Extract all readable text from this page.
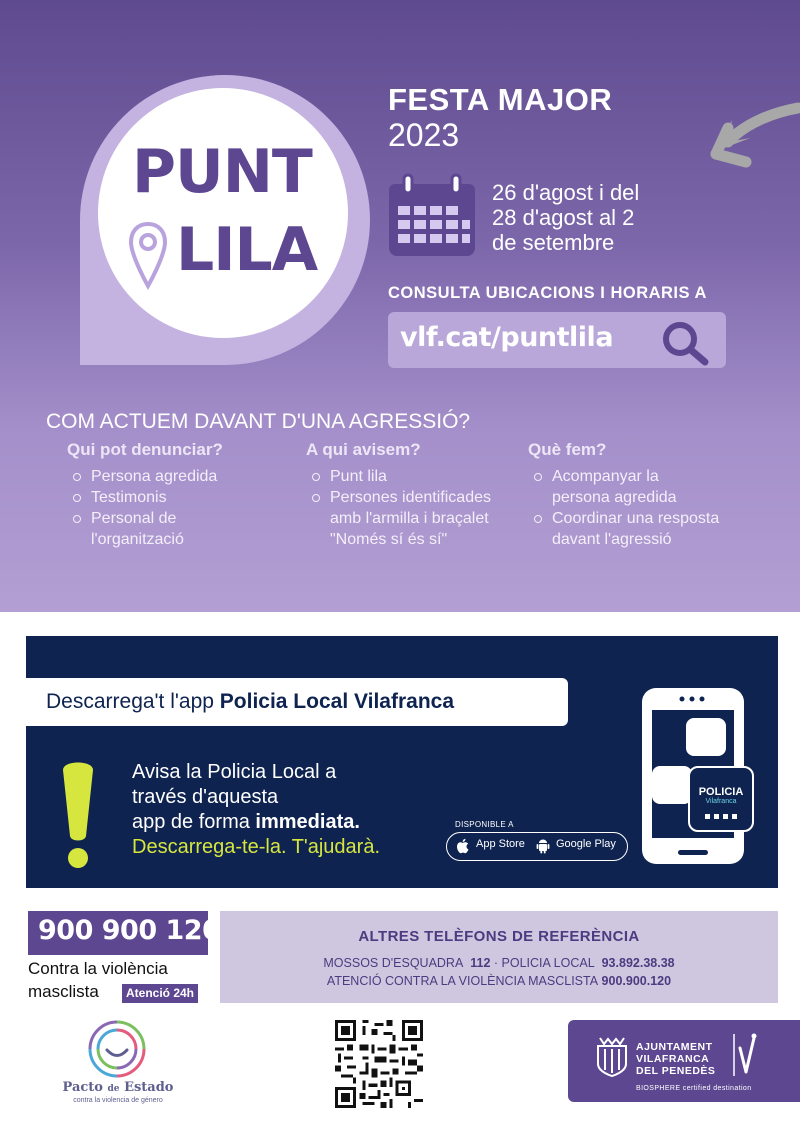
PUNT
LILA
FESTA MAJOR
2023
26 d'agost i del
28 d'agost al 2
de setembre
CONSULTA UBICACIONS I HORARIS A
vlf.cat/puntlila
COM ACTUEM DAVANT D'UNA AGRESSIÓ?
Qui pot denunciar?
Persona agredida
Testimonis
Personal de l'organització
A qui avisem?
Punt lila
Persones identificades amb l'armilla i braçalet "Només sí és sí"
Què fem?
Acompanyar la persona agredida
Coordinar una resposta davant l'agressió
Descarrega't l'app Policia Local Vilafranca
Avisa la Policia Local a
través d'aquesta
app de forma immediata.
Descarrega-te-la. T'ajudarà.
DISPONIBLE A
App Store	Google Play
POLICIA
Vilafranca
900 900 120
Contra la violència
masclista	Atenció 24h
ALTRES TELÈFONS DE REFERÈNCIA
MOSSOS D'ESQUADRA 112 · POLICIA LOCAL 93.892.38.38
ATENCIÓ CONTRA LA VIOLÈNCIA MASCLISTA 900.900.120
Pacto de Estado
contra la violencia de género
AJUNTAMENT
VILAFRANCA
DEL PENEDÈS
BIOSPHERE certified destination
